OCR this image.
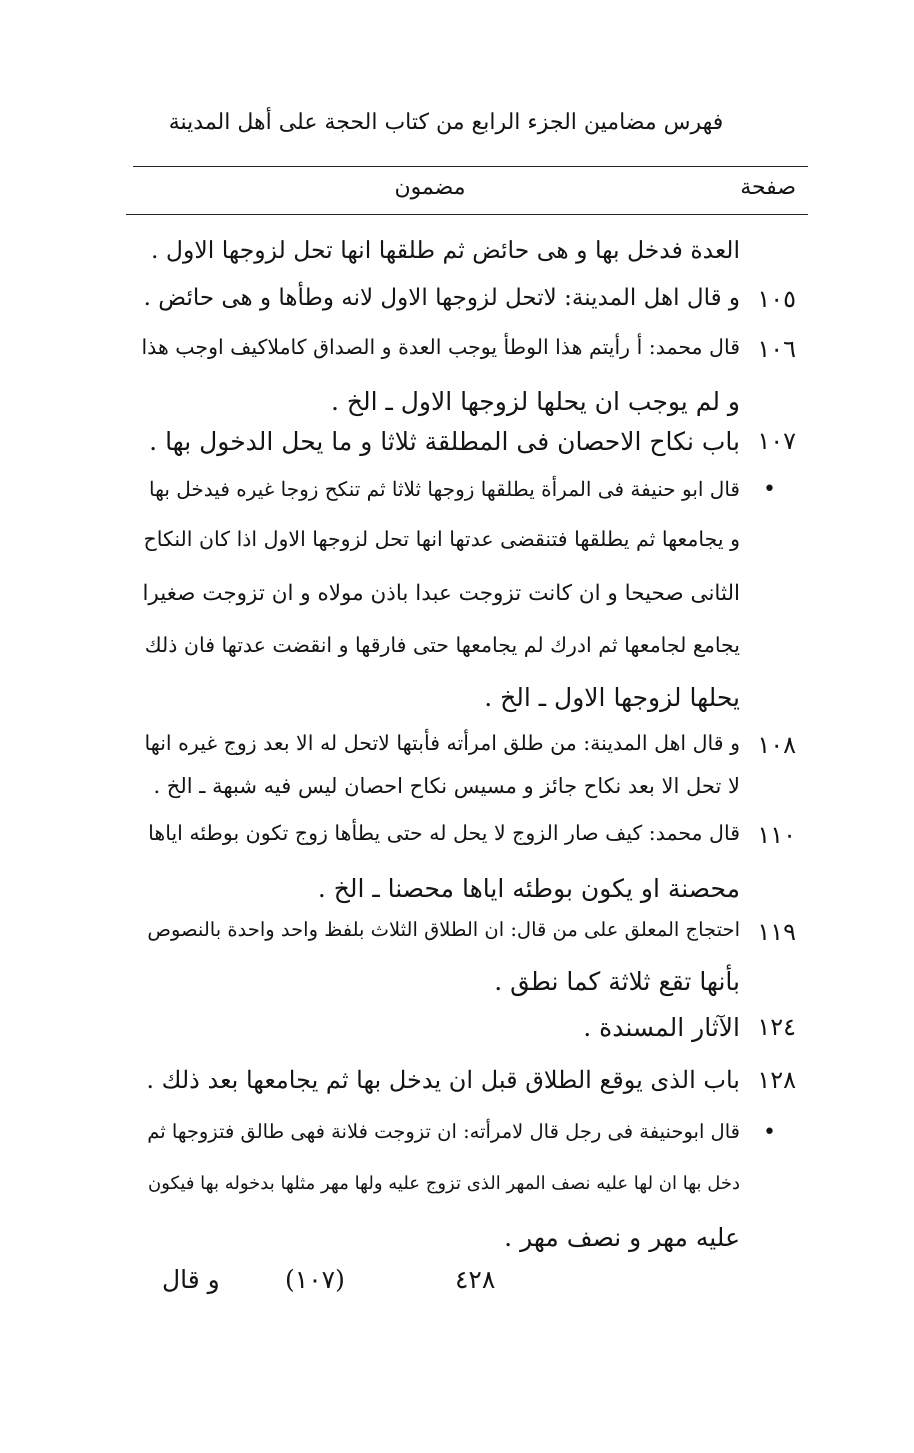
فهرس مضامين الجزء الرابع من كتاب الحجة على أهل المدينة
صفحة
مضمون
العدة فدخل بها و هى حائض ثم طلقها انها تحل لزوجها الاول .
١٠٥
و قال اهل المدينة: لاتحل لزوجها الاول لانه وطأها و هى حائض .
١٠٦
قال محمد: أ رأيتم هذا الوطأ يوجب العدة و الصداق كاملاكيف اوجب هذا
و لم يوجب ان يحلها لزوجها الاول ـ الخ .
١٠٧
باب نكاح الاحصان فى المطلقة ثلاثا و ما يحل الدخول بها .
•
قال ابو حنيفة فى المرأة يطلقها زوجها ثلاثا ثم تنكح زوجا غيره فيدخل بها
و يجامعها ثم يطلقها فتنقضى عدتها انها تحل لزوجها الاول اذا كان النكاح
الثانى صحيحا و ان كانت تزوجت عبدا باذن مولاه و ان تزوجت صغيرا
يجامع لجامعها ثم ادرك لم يجامعها حتى فارقها و انقضت عدتها فان ذلك
يحلها لزوجها الاول ـ الخ .
١٠٨
و قال اهل المدينة: من طلق امرأته فأبتها لاتحل له الا بعد زوج غيره انها
لا تحل الا بعد نكاح جائز و مسيس نكاح احصان ليس فيه شبهة ـ الخ .
١١٠
قال محمد: كيف صار الزوج لا يحل له حتى يطأها زوج تكون بوطئه اياها
محصنة او يكون بوطئه اياها محصنا ـ الخ .
١١٩
احتجاج المعلق على من قال: ان الطلاق الثلاث بلفظ واحد واحدة بالنصوص
بأنها تقع ثلاثة كما نطق .
١٢٤
الآثار المسندة .
١٢٨
باب الذى يوقع الطلاق قبل ان يدخل بها ثم يجامعها بعد ذلك .
•
قال ابوحنيفة فى رجل قال لامرأته: ان تزوجت فلانة فهى طالق فتزوجها ثم
دخل بها ان لها عليه نصف المهر الذى تزوج عليه ولها مهر مثلها بدخوله بها فيكون
عليه مهر و نصف مهر .
و قال	(١٠٧)	٤٢٨
